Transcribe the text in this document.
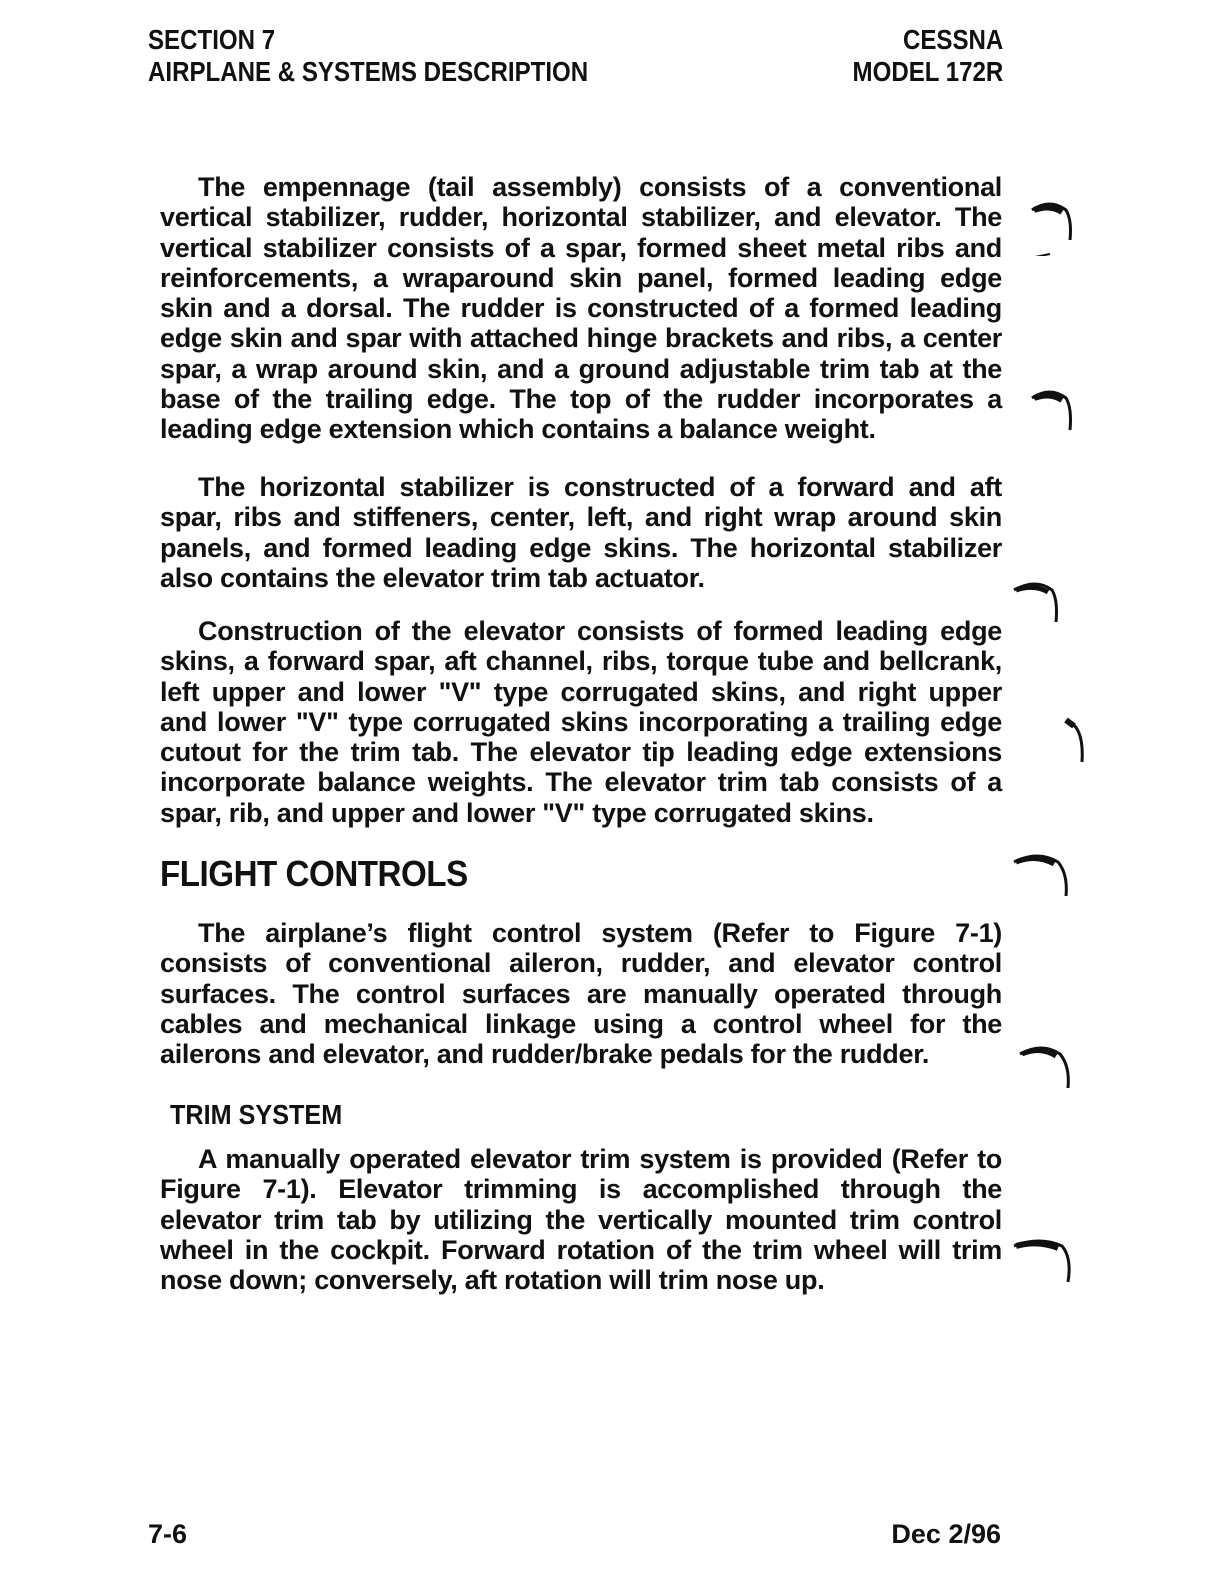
SECTION 7
AIRPLANE & SYSTEMS DESCRIPTION
CESSNA
MODEL 172R

The empennage (tail assembly) consists of a conventional vertical stabilizer, rudder, horizontal stabilizer, and elevator. The vertical stabilizer consists of a spar, formed sheet metal ribs and reinforcements, a wraparound skin panel, formed leading edge skin and a dorsal. The rudder is constructed of a formed leading edge skin and spar with attached hinge brackets and ribs, a center spar, a wrap around skin, and a ground adjustable trim tab at the base of the trailing edge. The top of the rudder incorporates a leading edge extension which contains a balance weight.

The horizontal stabilizer is constructed of a forward and aft spar, ribs and stiffeners, center, left, and right wrap around skin panels, and formed leading edge skins. The horizontal stabilizer also contains the elevator trim tab actuator.

Construction of the elevator consists of formed leading edge skins, a forward spar, aft channel, ribs, torque tube and bellcrank, left upper and lower "V" type corrugated skins, and right upper and lower "V" type corrugated skins incorporating a trailing edge cutout for the trim tab. The elevator tip leading edge extensions incorporate balance weights. The elevator trim tab consists of a spar, rib, and upper and lower "V" type corrugated skins.

FLIGHT CONTROLS

The airplane’s flight control system (Refer to Figure 7-1) consists of conventional aileron, rudder, and elevator control surfaces. The control surfaces are manually operated through cables and mechanical linkage using a control wheel for the ailerons and elevator, and rudder/brake pedals for the rudder.

TRIM SYSTEM

A manually operated elevator trim system is provided (Refer to Figure 7-1). Elevator trimming is accomplished through the elevator trim tab by utilizing the vertically mounted trim control wheel in the cockpit. Forward rotation of the trim wheel will trim nose down; conversely, aft rotation will trim nose up.

7-6	Dec 2/96
